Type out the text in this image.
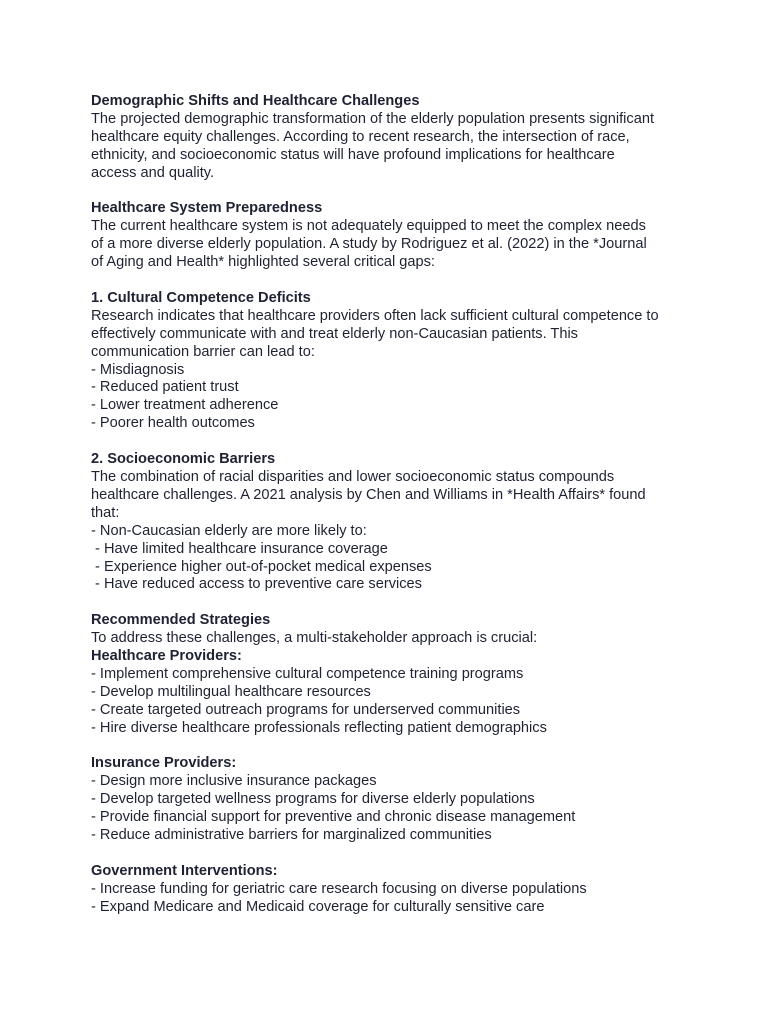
Demographic Shifts and Healthcare Challenges
The projected demographic transformation of the elderly population presents significant
healthcare equity challenges. According to recent research, the intersection of race,
ethnicity, and socioeconomic status will have profound implications for healthcare
access and quality.
Healthcare System Preparedness
The current healthcare system is not adequately equipped to meet the complex needs
of a more diverse elderly population. A study by Rodriguez et al. (2022) in the *Journal
of Aging and Health* highlighted several critical gaps:
1. Cultural Competence Deficits
Research indicates that healthcare providers often lack sufficient cultural competence to
effectively communicate with and treat elderly non-Caucasian patients. This
communication barrier can lead to:
- Misdiagnosis
- Reduced patient trust
- Lower treatment adherence
- Poorer health outcomes
2. Socioeconomic Barriers
The combination of racial disparities and lower socioeconomic status compounds
healthcare challenges. A 2021 analysis by Chen and Williams in *Health Affairs* found
that:
- Non-Caucasian elderly are more likely to:
- Have limited healthcare insurance coverage
- Experience higher out-of-pocket medical expenses
- Have reduced access to preventive care services
Recommended Strategies
To address these challenges, a multi-stakeholder approach is crucial:
Healthcare Providers:
- Implement comprehensive cultural competence training programs
- Develop multilingual healthcare resources
- Create targeted outreach programs for underserved communities
- Hire diverse healthcare professionals reflecting patient demographics
Insurance Providers:
- Design more inclusive insurance packages
- Develop targeted wellness programs for diverse elderly populations
- Provide financial support for preventive and chronic disease management
- Reduce administrative barriers for marginalized communities
Government Interventions:
- Increase funding for geriatric care research focusing on diverse populations
- Expand Medicare and Medicaid coverage for culturally sensitive care
